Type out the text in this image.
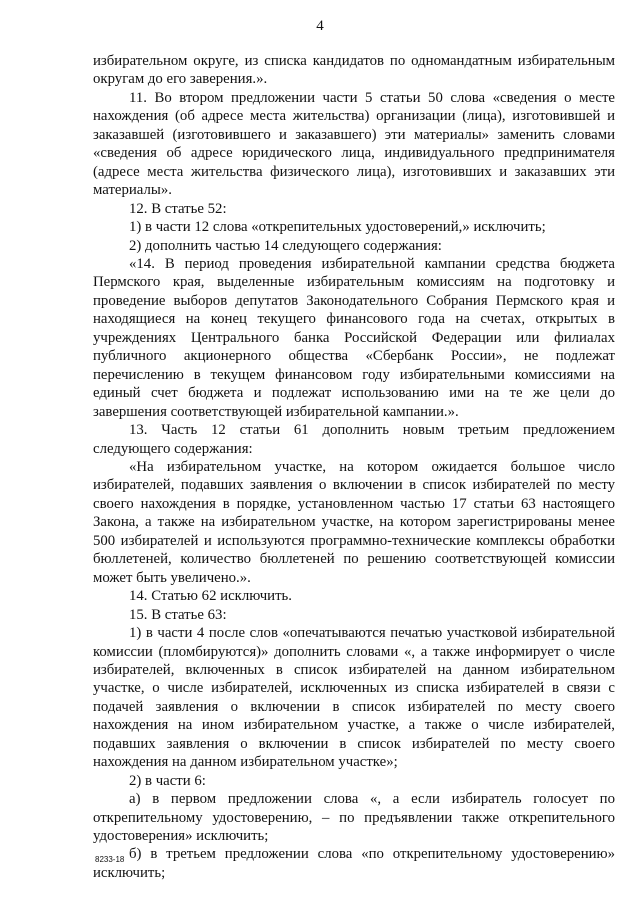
4

избирательном округе, из списка кандидатов по одномандатным избирательным округам до его заверения.».

11. Во втором предложении части 5 статьи 50 слова «сведения о месте нахождения (об адресе места жительства) организации (лица), изготовившей и заказавшей (изготовившего и заказавшего) эти материалы» заменить словами «сведения об адресе юридического лица, индивидуального предпринимателя (адресе места жительства физического лица), изготовивших и заказавших эти материалы».

12. В статье 52:

1) в части 12 слова «открепительных удостоверений,» исключить;

2) дополнить частью 14 следующего содержания:

«14. В период проведения избирательной кампании средства бюджета Пермского края, выделенные избирательным комиссиям на подготовку и проведение выборов депутатов Законодательного Собрания Пермского края и находящиеся на конец текущего финансового года на счетах, открытых в учреждениях Центрального банка Российской Федерации или филиалах публичного акционерного общества «Сбербанк России», не подлежат перечислению в текущем финансовом году избирательными комиссиями на единый счет бюджета и подлежат использованию ими на те же цели до завершения соответствующей избирательной кампании.».

13. Часть 12 статьи 61 дополнить новым третьим предложением следующего содержания:

«На избирательном участке, на котором ожидается большое число избирателей, подавших заявления о включении в список избирателей по месту своего нахождения в порядке, установленном частью 17 статьи 63 настоящего Закона, а также на избирательном участке, на котором зарегистрированы менее 500 избирателей и используются программно-технические комплексы обработки бюллетеней, количество бюллетеней по решению соответствующей комиссии может быть увеличено.».

14. Статью 62 исключить.

15. В статье 63:

1) в части 4 после слов «опечатываются печатью участковой избирательной комиссии (пломбируются)» дополнить словами «, а также информирует о числе избирателей, включенных в список избирателей на данном избирательном участке, о числе избирателей, исключенных из списка избирателей в связи с подачей заявления о включении в список избирателей по месту своего нахождения на ином избирательном участке, а также о числе избирателей, подавших заявления о включении в список избирателей по месту своего нахождения на данном избирательном участке»;

2) в части 6:

а) в первом предложении слова «, а если избиратель голосует по открепительному удостоверению, – по предъявлении также открепительного удостоверения» исключить;

б) в третьем предложении слова «по открепительному удостоверению» исключить;

8233-18
